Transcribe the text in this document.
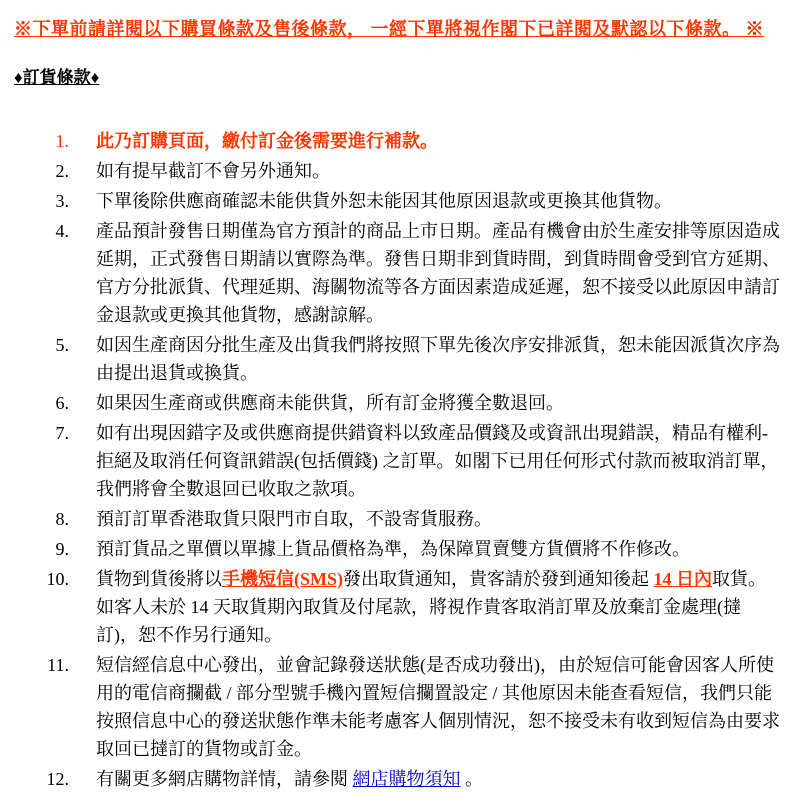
※下單前請詳閱以下購買條款及售後條款， 一經下單將視作閣下已詳閱及默認以下條款。 ※
♦訂貨條款♦
1. 此乃訂購頁面，繳付訂金後需要進行補款。
2. 如有提早截訂不會另外通知。
3. 下單後除供應商確認未能供貨外恕未能因其他原因退款或更換其他貨物。
4. 產品預計發售日期僅為官方預計的商品上市日期。產品有機會由於生產安排等原因造成延期，正式發售日期請以實際為準。發售日期非到貨時間，到貨時間會受到官方延期、官方分批派貨、代理延期、海關物流等各方面因素造成延遲，恕不接受以此原因申請訂金退款或更換其他貨物，感謝諒解。
5. 如因生產商因分批生產及出貨我們將按照下單先後次序安排派貨，恕未能因派貨次序為由提出退貨或換貨。
6. 如果因生產商或供應商未能供貨，所有訂金將獲全數退回。
7. 如有出現因錯字及或供應商提供錯資料以致產品價錢及或資訊出現錯誤，精品有權利-拒絕及取消任何資訊錯誤(包括價錢) 之訂單。如閣下已用任何形式付款而被取消訂單，我們將會全數退回已收取之款項。
8. 預訂訂單香港取貨只限門市自取，不設寄貨服務。
9. 預訂貨品之單價以單據上貨品價格為準，為保障買賣雙方貨價將不作修改。
10. 貨物到貨後將以手機短信(SMS)發出取貨通知，貴客請於發到通知後起 14 日內取貨。如客人未於 14 天取貨期內取貨及付尾款，將視作貴客取消訂單及放棄訂金處理(撻訂)，恕不作另行通知。
11. 短信經信息中心發出，並會記錄發送狀態(是否成功發出)，由於短信可能會因客人所使用的電信商攔截 / 部分型號手機內置短信攔置設定 / 其他原因未能查看短信，我們只能按照信息中心的發送狀態作準未能考慮客人個別情況，恕不接受未有收到短信為由要求取回已撻訂的貨物或訂金。
12. 有關更多網店購物詳情，請參閱 網店購物須知 。
